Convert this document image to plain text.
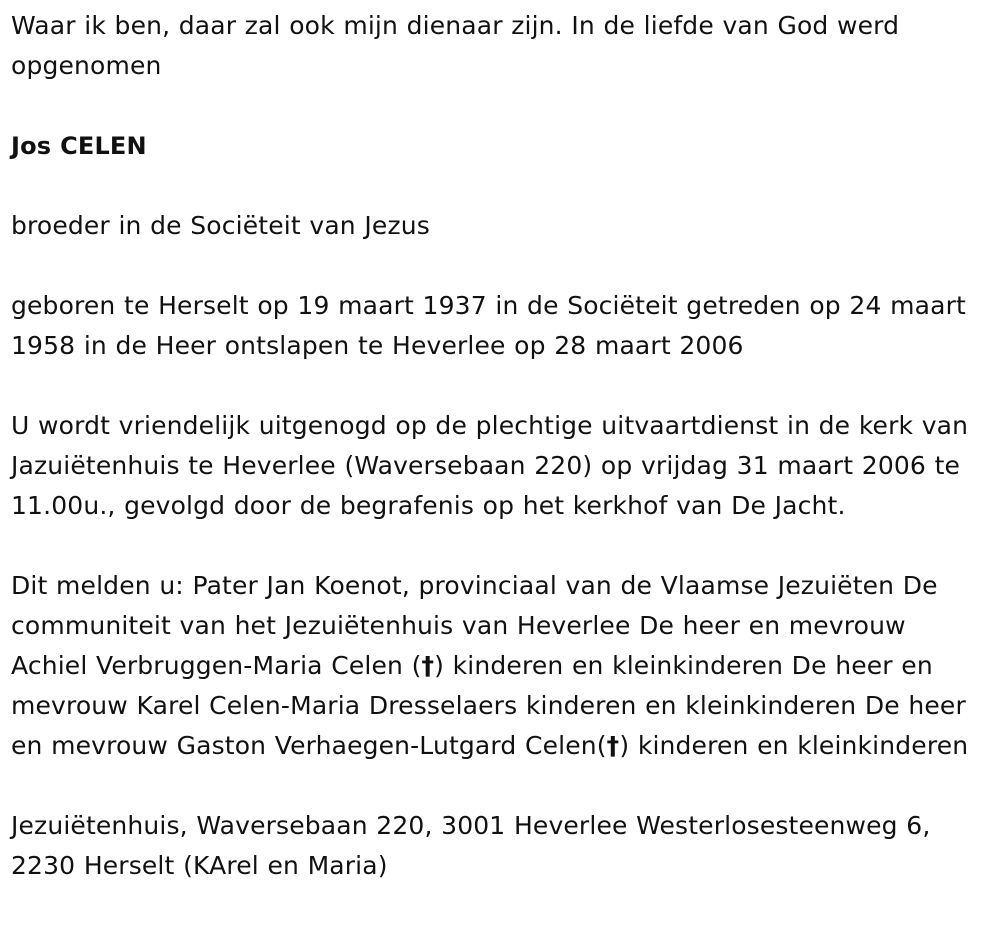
Waar ik ben, daar zal ook mijn dienaar zijn. In de liefde van God werd opgenomen

Jos CELEN

broeder in de Sociëteit van Jezus

geboren te Herselt op 19 maart 1937 in de Sociëteit getreden op 24 maart 1958 in de Heer ontslapen te Heverlee op 28 maart 2006

U wordt vriendelijk uitgenogd op de plechtige uitvaartdienst in de kerk van Jazuiëtenhuis te Heverlee (Waversebaan 220) op vrijdag 31 maart 2006 te 11.00u., gevolgd door de begrafenis op het kerkhof van De Jacht.

Dit melden u: Pater Jan Koenot, provinciaal van de Vlaamse Jezuiëten De communiteit van het Jezuiëtenhuis van Heverlee De heer en mevrouw Achiel Verbruggen-Maria Celen (†) kinderen en kleinkinderen De heer en mevrouw Karel Celen-Maria Dresselaers kinderen en kleinkinderen De heer en mevrouw Gaston Verhaegen-Lutgard Celen(†) kinderen en kleinkinderen

Jezuiëtenhuis, Waversebaan 220, 3001 Heverlee Westerlosesteenweg 6, 2230 Herselt (KArel en Maria)
